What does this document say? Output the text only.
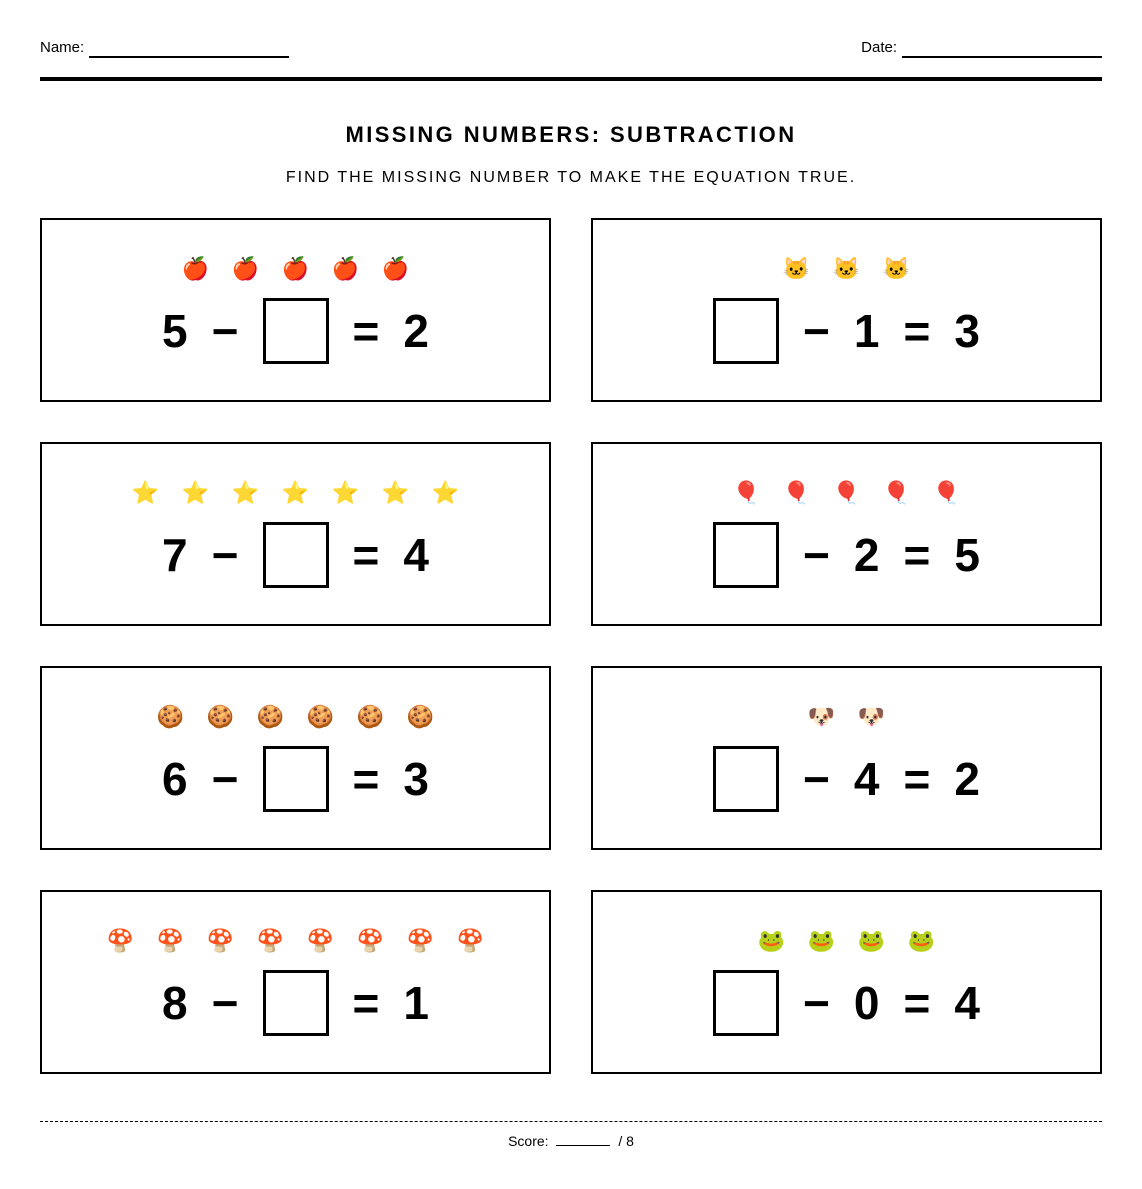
Name:	Date:
MISSING NUMBERS: SUBTRACTION
FIND THE MISSING NUMBER TO MAKE THE EQUATION TRUE.
🍎 🍎 🍎 🍎 🍎
5 − = 2
🐱 🐱 🐱
− 1 = 3
⭐ ⭐ ⭐ ⭐ ⭐ ⭐ ⭐
7 − = 4
🎈 🎈 🎈 🎈 🎈
− 2 = 5
🍪 🍪 🍪 🍪 🍪 🍪
6 − = 3
🐶 🐶
− 4 = 2
🍄 🍄 🍄 🍄 🍄 🍄 🍄 🍄
8 − = 1
🐸 🐸 🐸 🐸
− 0 = 4
Score:	/ 8
